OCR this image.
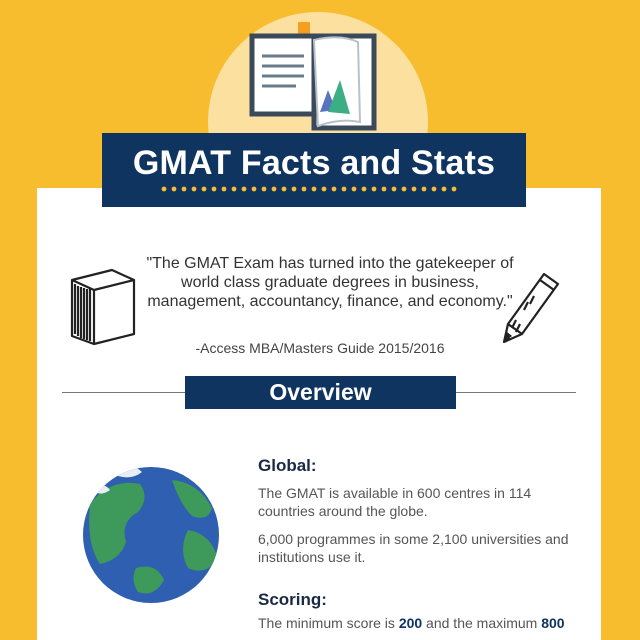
GMAT Facts and Stats
"The GMAT Exam has turned into the gatekeeper of world class graduate degrees in business, management, accountancy, finance, and economy."
-Access MBA/Masters Guide 2015/2016
Overview
Global:
The GMAT is available in 600 centres in 114 countries around the globe.
6,000 programmes in some 2,100 universities and institutions use it.
Scoring:
The minimum score is 200 and the maximum 800
